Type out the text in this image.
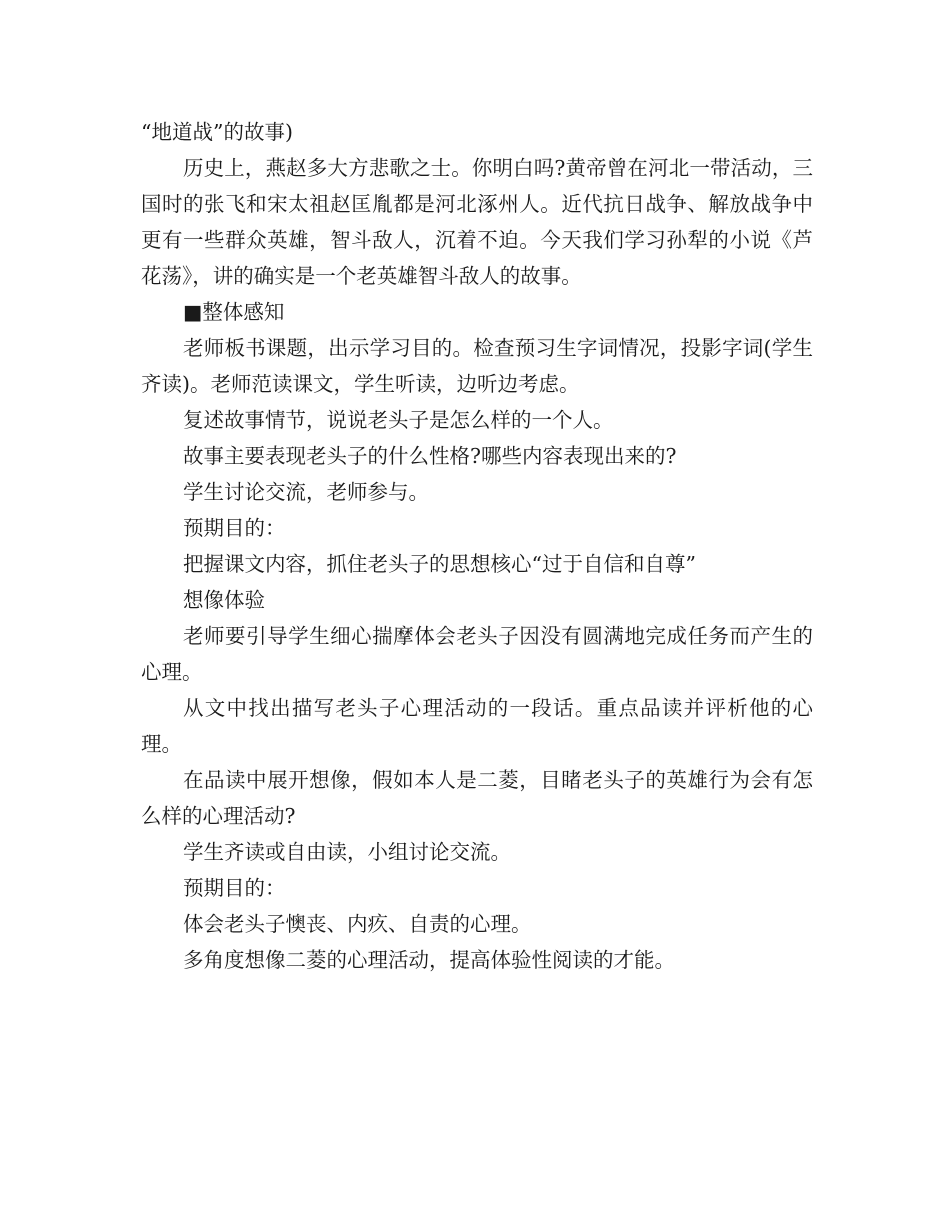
“地道战”的故事)

历史上，燕赵多大方悲歌之士。你明白吗?黄帝曾在河北一带活动，三国时的张飞和宋太祖赵匡胤都是河北涿州人。近代抗日战争、解放战争中更有一些群众英雄，智斗敌人，沉着不迫。今天我们学习孙犁的小说《芦花荡》，讲的确实是一个老英雄智斗敌人的故事。

■整体感知

老师板书课题，出示学习目的。检查预习生字词情况，投影字词(学生齐读)。老师范读课文，学生听读，边听边考虑。

复述故事情节，说说老头子是怎么样的一个人。

故事主要表现老头子的什么性格?哪些内容表现出来的?

学生讨论交流，老师参与。

预期目的：

把握课文内容，抓住老头子的思想核心“过于自信和自尊”

想像体验

老师要引导学生细心揣摩体会老头子因没有圆满地完成任务而产生的心理。

从文中找出描写老头子心理活动的一段话。重点品读并评析他的心理。

在品读中展开想像，假如本人是二菱，目睹老头子的英雄行为会有怎么样的心理活动?

学生齐读或自由读，小组讨论交流。

预期目的：

体会老头子懊丧、内疚、自责的心理。

多角度想像二菱的心理活动，提高体验性阅读的才能。
